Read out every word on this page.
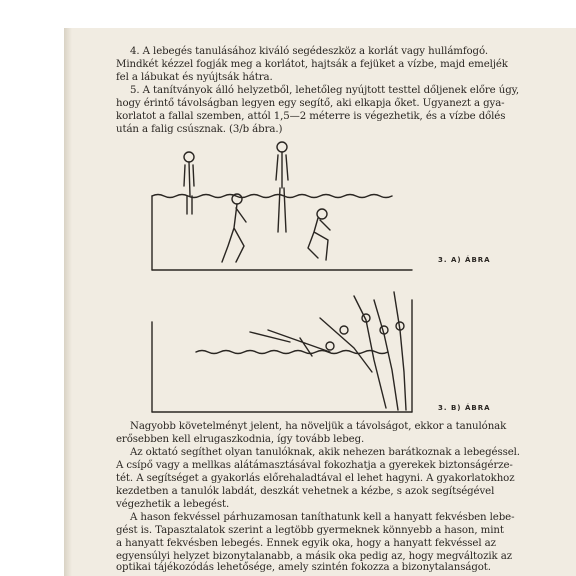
4. A lebegés tanulásához kiváló segédeszköz a korlát vagy hullámfogó.
Mindkét kézzel fogják meg a korlátot, hajtsák a fejüket a vízbe, majd emeljék
fel a lábukat és nyújtsák hátra.
5. A tanítványok álló helyzetből, lehetőleg nyújtott testtel dőljenek előre úgy,
hogy érintő távolságban legyen egy segítő, aki elkapja őket. Ugyanezt a gya-
korlatot a fallal szemben, attól 1,5—2 méterre is végezhetik, és a vízbe dőlés
után a falig csúsznak. (3/b ábra.)
3. A) ÁBRA
3. B) ÁBRA
Nagyobb követelményt jelent, ha növeljük a távolságot, ekkor a tanulónak
erősebben kell elrugaszkodnia, így tovább lebeg.
Az oktató segíthet olyan tanulóknak, akik nehezen barátkoznak a lebegéssel.
A csípő vagy a mellkas alátámasztásával fokozhatja a gyerekek biztonságérze-
tét. A segítséget a gyakorlás előrehaladtával el lehet hagyni. A gyakorlatokhoz
kezdetben a tanulók labdát, deszkát vehetnek a kézbe, s azok segítségével
végezhetik a lebegést.
A hason fekvéssel párhuzamosan taníthatunk kell a hanyatt fekvésben lebe-
gést is. Tapasztalatok szerint a legtöbb gyermeknek könnyebb a hason, mint
a hanyatt fekvésben lebegés. Ennek egyik oka, hogy a hanyatt fekvéssel az
egyensúlyi helyzet bizonytalanabb, a másik oka pedig az, hogy megváltozik az
optikai tájékozódás lehetősége, amely szintén fokozza a bizonytalanságot.
